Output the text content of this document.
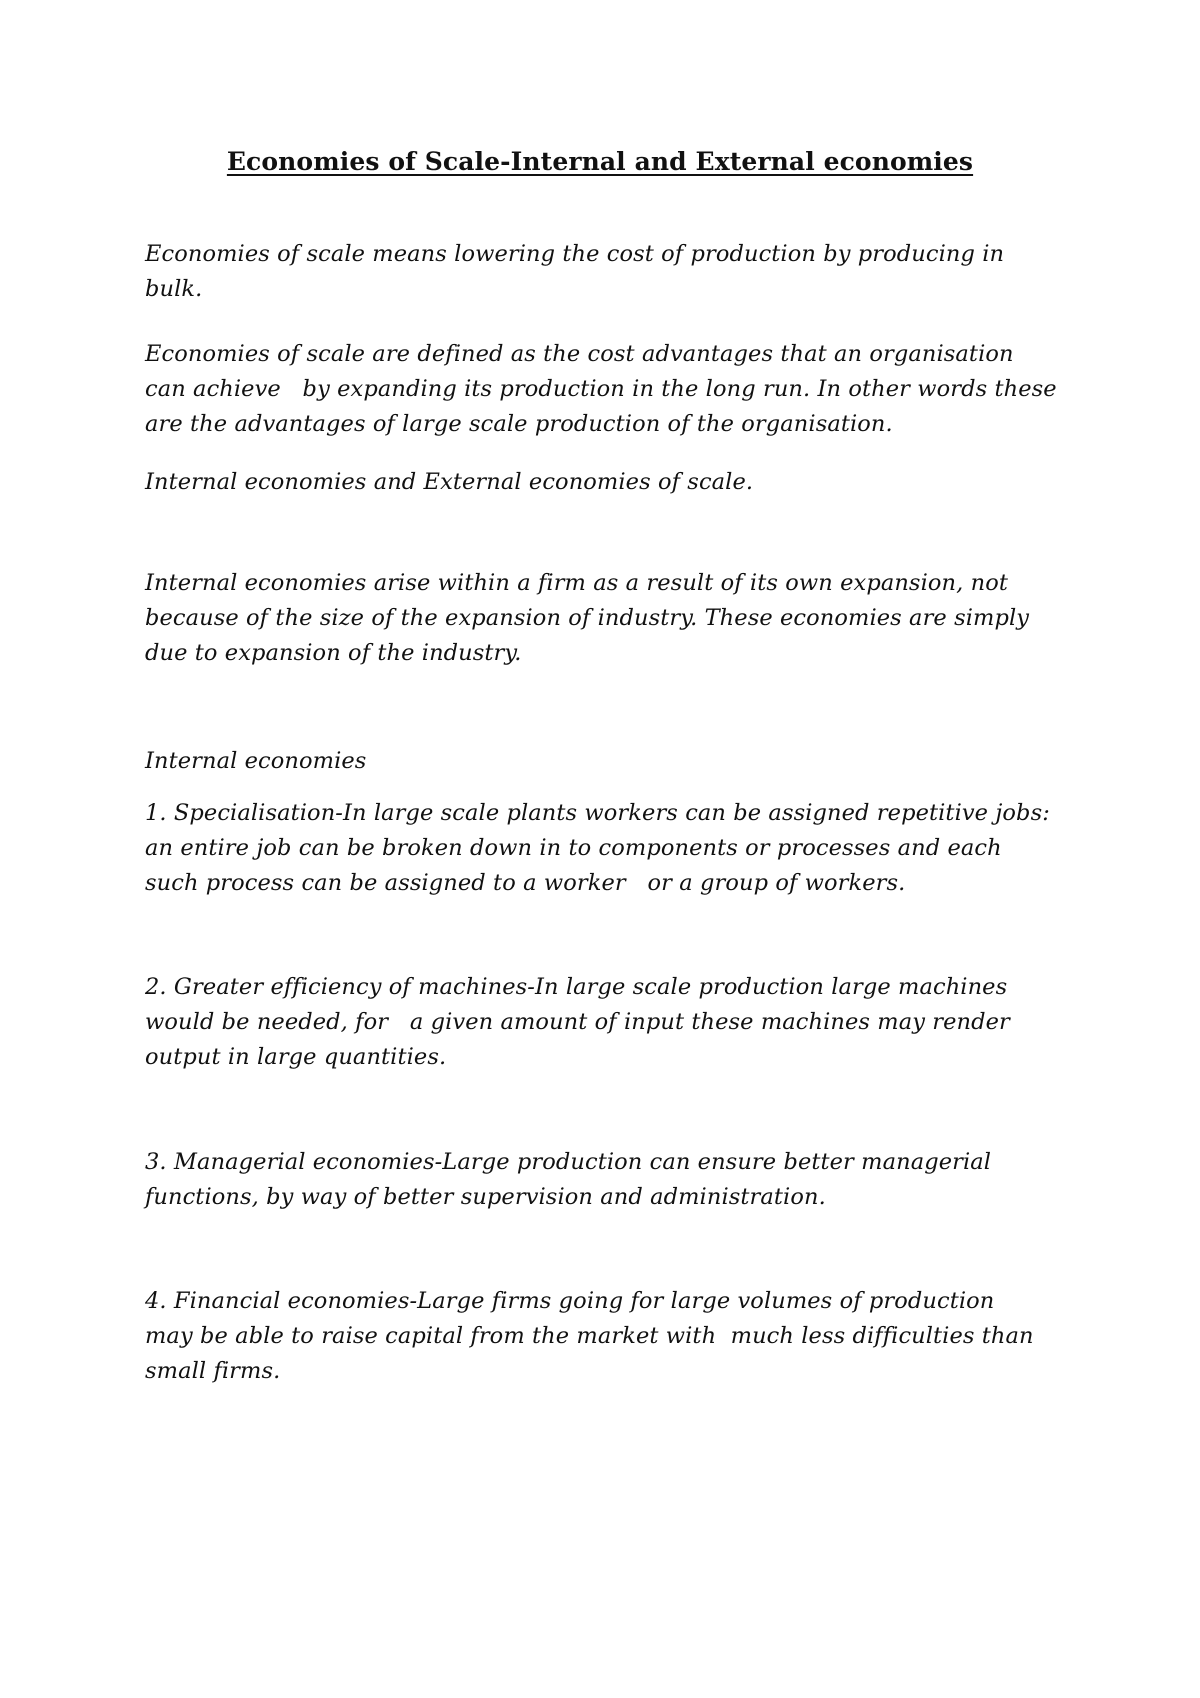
Economies of Scale-Internal and External economies

Economies of scale means lowering the cost of production by producing in
bulk.

Economies of scale are defined as the cost advantages that an organisation
can achieve   by expanding its production in the long run. In other words these
are the advantages of large scale production of the organisation.

Internal economies and External economies of scale.

Internal economies arise within a firm as a result of its own expansion, not
because of the size of the expansion of industry. These economies are simply
due to expansion of the industry.

Internal economies

1. Specialisation-In large scale plants workers can be assigned repetitive jobs:
an entire job can be broken down in to components or processes and each
such process can be assigned to a worker   or a group of workers.

2. Greater efficiency of machines-In large scale production large machines
would be needed, for   a given amount of input these machines may render
output in large quantities.

3. Managerial economies-Large production can ensure better managerial
functions, by way of better supervision and administration.

4. Financial economies-Large firms going for large volumes of production
may be able to raise capital from the market with  much less difficulties than
small firms.
